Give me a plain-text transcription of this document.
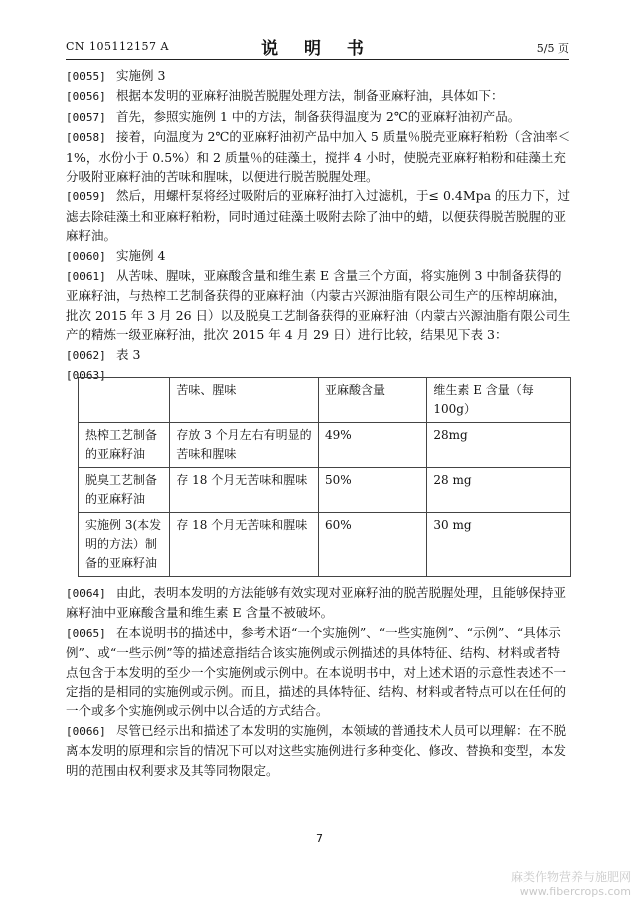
CN 105112157 A	说 明 书	5/5 页

[0055] 实施例 3

[0056] 根据本发明的亚麻籽油脱苦脱腥处理方法，制备亚麻籽油，具体如下：

[0057] 首先，参照实施例 1 中的方法，制备获得温度为 2℃的亚麻籽油初产品。

[0058] 接着，向温度为 2℃的亚麻籽油初产品中加入 5 质量％脱壳亚麻籽粕粉（含油率＜1%，水份小于 0.5%）和 2 质量％的硅藻土，搅拌 4 小时，使脱壳亚麻籽粕粉和硅藻土充分吸附亚麻籽油的苦味和腥味，以便进行脱苦脱腥处理。

[0059] 然后，用螺杆泵将经过吸附后的亚麻籽油打入过滤机，于≤ 0.4Mpa 的压力下，过滤去除硅藻土和亚麻籽粕粉，同时通过硅藻土吸附去除了油中的蜡，以便获得脱苦脱腥的亚麻籽油。

[0060] 实施例 4

[0061] 从苦味、腥味，亚麻酸含量和维生素 E 含量三个方面，将实施例 3 中制备获得的亚麻籽油，与热榨工艺制备获得的亚麻籽油（内蒙古兴源油脂有限公司生产的压榨胡麻油，批次 2015 年 3 月 26 日）以及脱臭工艺制备获得的亚麻籽油（内蒙古兴源油脂有限公司生产的精炼一级亚麻籽油，批次 2015 年 4 月 29 日）进行比较，结果见下表 3：

[0062] 表 3

[0063]

	苦味、腥味	亚麻酸含量	维生素 E 含量（每 100g）
热榨工艺制备的亚麻籽油	存放 3 个月左右有明显的苦味和腥味	49%	28mg
脱臭工艺制备的亚麻籽油	存 18 个月无苦味和腥味	50%	28 mg
实施例 3(本发明的方法）制备的亚麻籽油	存 18 个月无苦味和腥味	60%	30 mg

[0064] 由此，表明本发明的方法能够有效实现对亚麻籽油的脱苦脱腥处理，且能够保持亚麻籽油中亚麻酸含量和维生素 E 含量不被破坏。

[0065] 在本说明书的描述中，参考术语“一个实施例”、“一些实施例”、“示例”、“具体示例”、或“一些示例”等的描述意指结合该实施例或示例描述的具体特征、结构、材料或者特点包含于本发明的至少一个实施例或示例中。在本说明书中，对上述术语的示意性表述不一定指的是相同的实施例或示例。而且，描述的具体特征、结构、材料或者特点可以在任何的一个或多个实施例或示例中以合适的方式结合。

[0066] 尽管已经示出和描述了本发明的实施例，本领域的普通技术人员可以理解：在不脱离本发明的原理和宗旨的情况下可以对这些实施例进行多种变化、修改、替换和变型，本发明的范围由权利要求及其等同物限定。

7
麻类作物营养与施肥网
www.fibercrops.com
